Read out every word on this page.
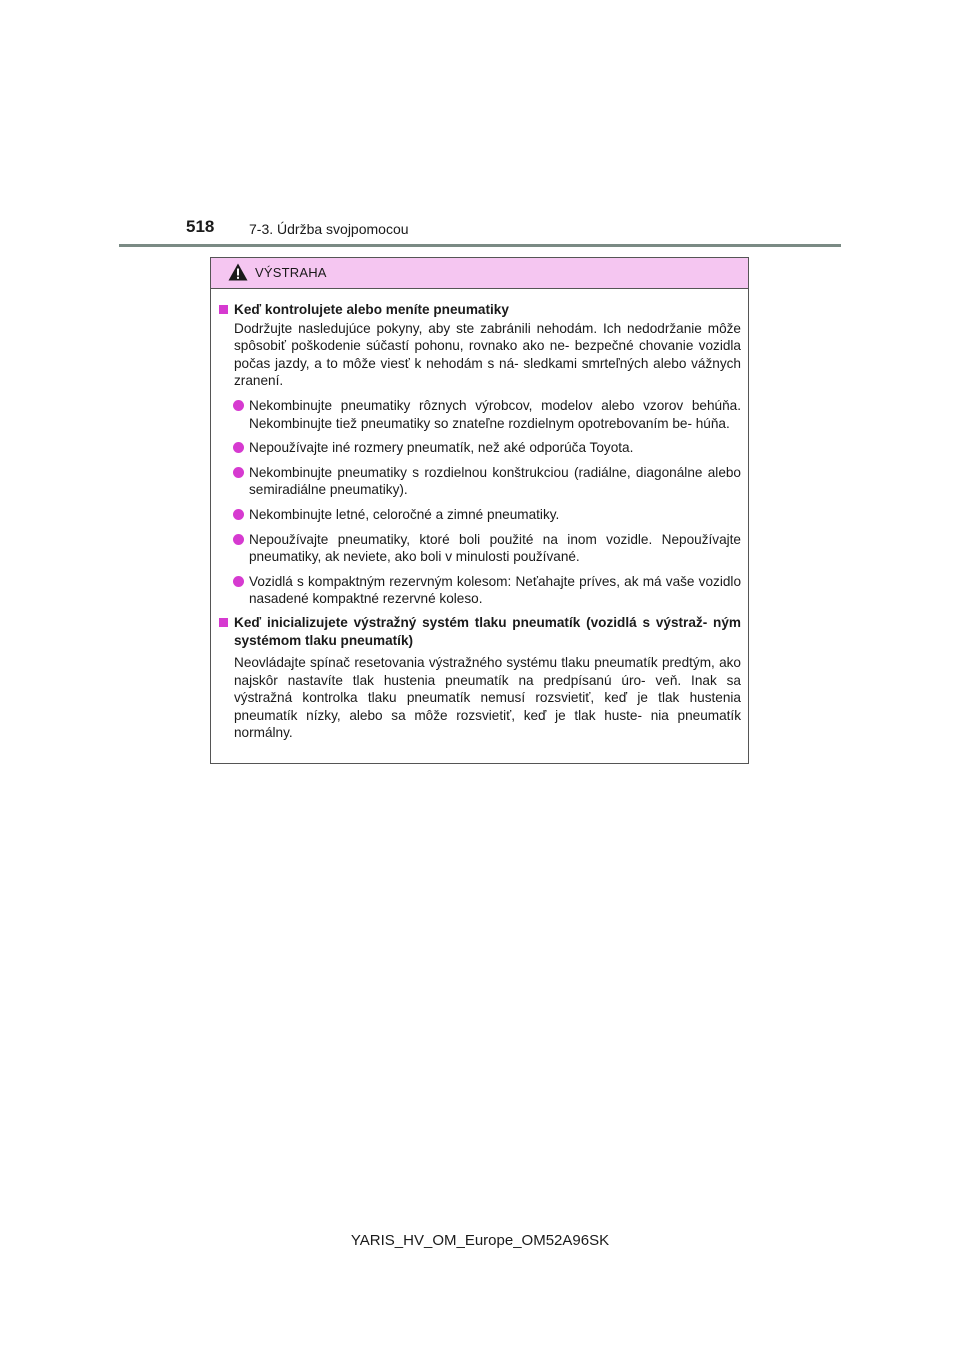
518 7-3. Údržba svojpomocou
VÝSTRAHA
Keď kontrolujete alebo meníte pneumatiky
Dodržujte nasledujúce pokyny, aby ste zabránili nehodám. Ich nedodržanie môže spôsobiť poškodenie súčastí pohonu, rovnako ako ne- bezpečné chovanie vozidla počas jazdy, a to môže viesť k nehodám s ná- sledkami smrteľných alebo vážnych zranení.
Nekombinujte pneumatiky rôznych výrobcov, modelov alebo vzorov behúňa. Nekombinujte tiež pneumatiky so znateľne rozdielnym opotrebovaním be- húňa.
Nepoužívajte iné rozmery pneumatík, než aké odporúča Toyota.
Nekombinujte pneumatiky s rozdielnou konštrukciou (radiálne, diagonálne alebo semiradiálne pneumatiky).
Nekombinujte letné, celoročné a zimné pneumatiky.
Nepoužívajte pneumatiky, ktoré boli použité na inom vozidle. Nepoužívajte pneumatiky, ak neviete, ako boli v minulosti používané.
Vozidlá s kompaktným rezervným kolesom: Neťahajte príves, ak má vaše vozidlo nasadené kompaktné rezervné koleso.
Keď inicializujete výstražný systém tlaku pneumatík (vozidlá s výstraž- ným systémom tlaku pneumatík)
Neovládajte spínač resetovania výstražného systému tlaku pneumatík predtým, ako najskôr nastavíte tlak hustenia pneumatík na predpísanú úro- veň. Inak sa výstražná kontrolka tlaku pneumatík nemusí rozsvietiť, keď je tlak hustenia pneumatík nízky, alebo sa môže rozsvietiť, keď je tlak huste- nia pneumatík normálny.
YARIS_HV_OM_Europe_OM52A96SK
